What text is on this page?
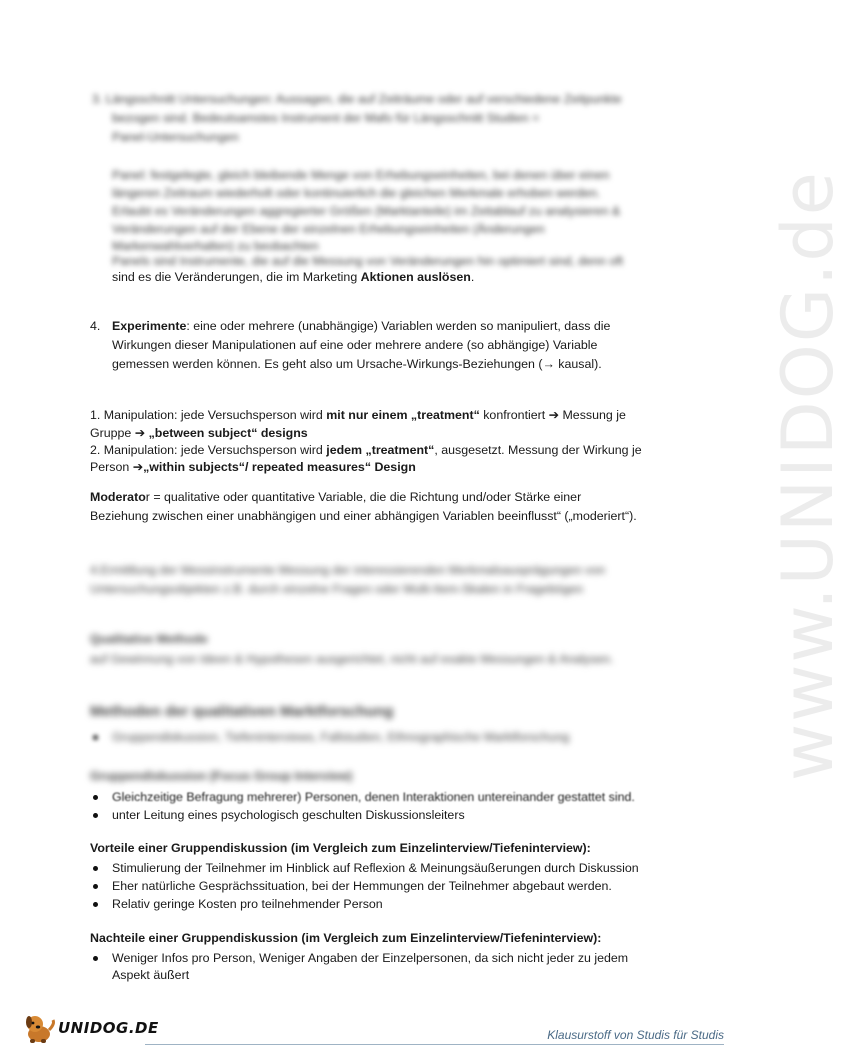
www.UNIDOG.de
3. Längsschnitt Untersuchungen: Aussagen, die auf Zeiträume oder auf verschiedene Zeitpunkte
bezogen sind. Bedeutsamstes Instrument der Mafo für Längsschnitt Studien =
Panel-Untersuchungen
Panel: festgelegte, gleich bleibende Menge von Erhebungseinheiten, bei denen über einen
längeren Zeitraum wiederholt oder kontinuierlich die gleichen Merkmale erhoben werden.
Erlaubt es Veränderungen aggregierter Größen (Marktanteile) im Zeitablauf zu analysieren &
Veränderungen auf der Ebene der einzelnen Erhebungseinheiten (Änderungen
Markenwahlverhalten) zu beobachten
Panels sind Instrumente, die auf die Messung von Veränderungen hin optimiert sind, denn oft
sind es die Veränderungen, die im Marketing Aktionen auslösen.
4. Experimente: eine oder mehrere (unabhängige) Variablen werden so manipuliert, dass die
Wirkungen dieser Manipulationen auf eine oder mehrere andere (so abhängige) Variable
gemessen werden können. Es geht also um Ursache-Wirkungs-Beziehungen (→ kausal).
1. Manipulation: jede Versuchsperson wird mit nur einem „treatment“ konfrontiert ➔ Messung je
Gruppe ➔ „between subject“ designs
2. Manipulation: jede Versuchsperson wird jedem „treatment“, ausgesetzt. Messung der Wirkung je
Person ➔„within subjects“/ repeated measures“ Design
Moderator = qualitative oder quantitative Variable, die die Richtung und/oder Stärke einer
Beziehung zwischen einer unabhängigen und einer abhängigen Variablen beeinflusst“ („moderiert“).
4.Ermittlung der Messinstrumente Messung der interessierenden Merkmalsausprägungen von
Untersuchungsobjekten z.B. durch einzelne Fragen oder Multi-Item-Skalen in Fragebögen
Qualitative Methode
auf Gewinnung von Ideen & Hypothesen ausgerichtet, nicht auf exakte Messungen & Analysen.
Methoden der qualitativen Marktforschung
Gruppendiskussion, Tiefeninterviews, Fallstudien, Ethnographische Marktforschung
Gruppendiskussion (Focus Group Interview)
Gleichzeitige Befragung mehrerer) Personen, denen Interaktionen untereinander gestattet sind.
unter Leitung eines psychologisch geschulten Diskussionsleiters
Vorteile einer Gruppendiskussion (im Vergleich zum Einzelinterview/Tiefeninterview):
Stimulierung der Teilnehmer im Hinblick auf Reflexion & Meinungsäußerungen durch Diskussion
Eher natürliche Gesprächssituation, bei der Hemmungen der Teilnehmer abgebaut werden.
Relativ geringe Kosten pro teilnehmender Person
Nachteile einer Gruppendiskussion (im Vergleich zum Einzelinterview/Tiefeninterview):
Weniger Infos pro Person, Weniger Angaben der Einzelpersonen, da sich nicht jeder zu jedem
Aspekt äußert
UNIDOG.DE	Klausurstoff von Studis für Studis
